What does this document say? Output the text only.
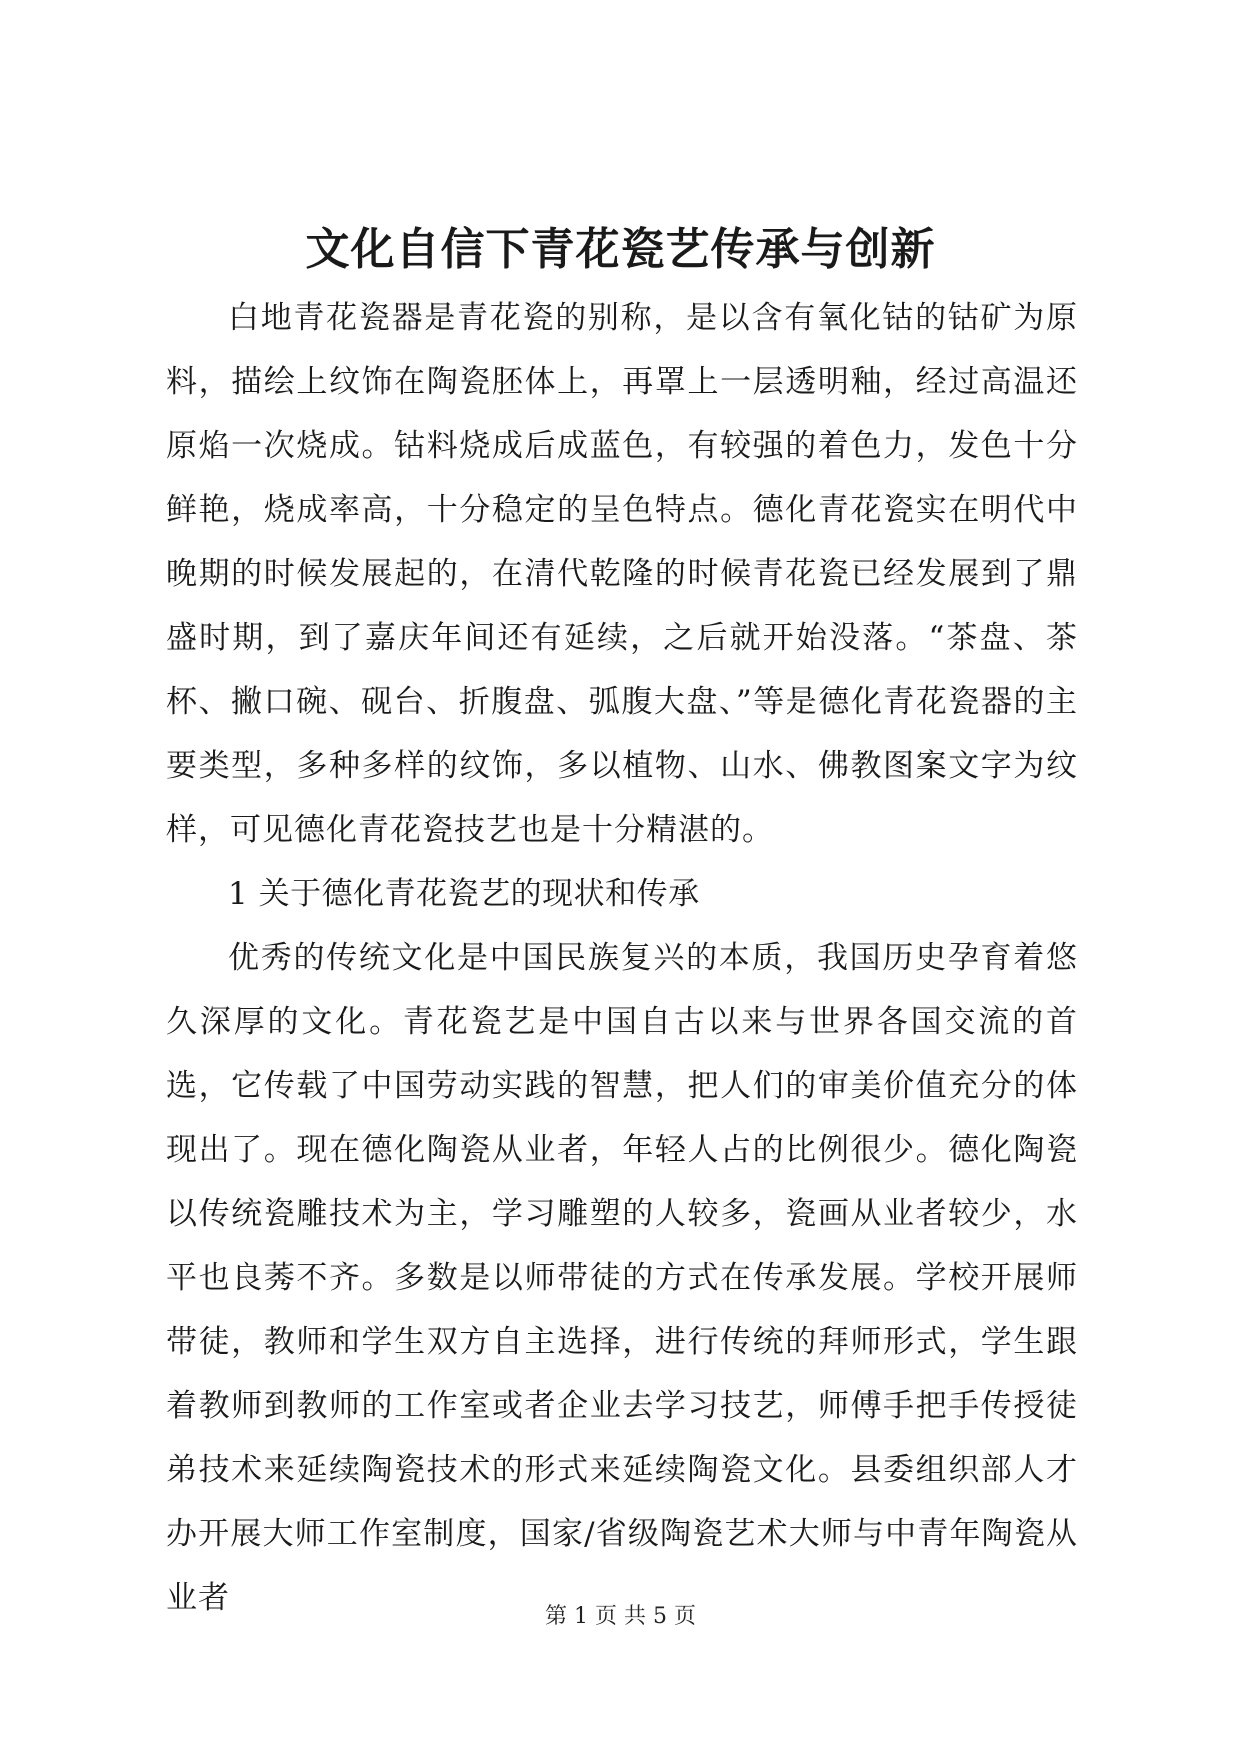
文化自信下青花瓷艺传承与创新

白地青花瓷器是青花瓷的别称，是以含有氧化钴的钴矿为原料，描绘上纹饰在陶瓷胚体上，再罩上一层透明釉，经过高温还原焰一次烧成。钴料烧成后成蓝色，有较强的着色力，发色十分鲜艳，烧成率高，十分稳定的呈色特点。德化青花瓷实在明代中晚期的时候发展起的，在清代乾隆的时候青花瓷已经发展到了鼎盛时期，到了嘉庆年间还有延续，之后就开始没落。“茶盘、茶杯、撇口碗、砚台、折腹盘、弧腹大盘、”等是德化青花瓷器的主要类型，多种多样的纹饰，多以植物、山水、佛教图案文字为纹样，可见德化青花瓷技艺也是十分精湛的。

1 关于德化青花瓷艺的现状和传承

优秀的传统文化是中国民族复兴的本质，我国历史孕育着悠久深厚的文化。青花瓷艺是中国自古以来与世界各国交流的首选，它传载了中国劳动实践的智慧，把人们的审美价值充分的体现出了。现在德化陶瓷从业者，年轻人占的比例很少。德化陶瓷以传统瓷雕技术为主，学习雕塑的人较多，瓷画从业者较少，水平也良莠不齐。多数是以师带徒的方式在传承发展。学校开展师带徒，教师和学生双方自主选择，进行传统的拜师形式，学生跟着教师到教师的工作室或者企业去学习技艺，师傅手把手传授徒弟技术来延续陶瓷技术的形式来延续陶瓷文化。县委组织部人才办开展大师工作室制度，国家/省级陶瓷艺术大师与中青年陶瓷从业者

第 1 页 共 5 页
